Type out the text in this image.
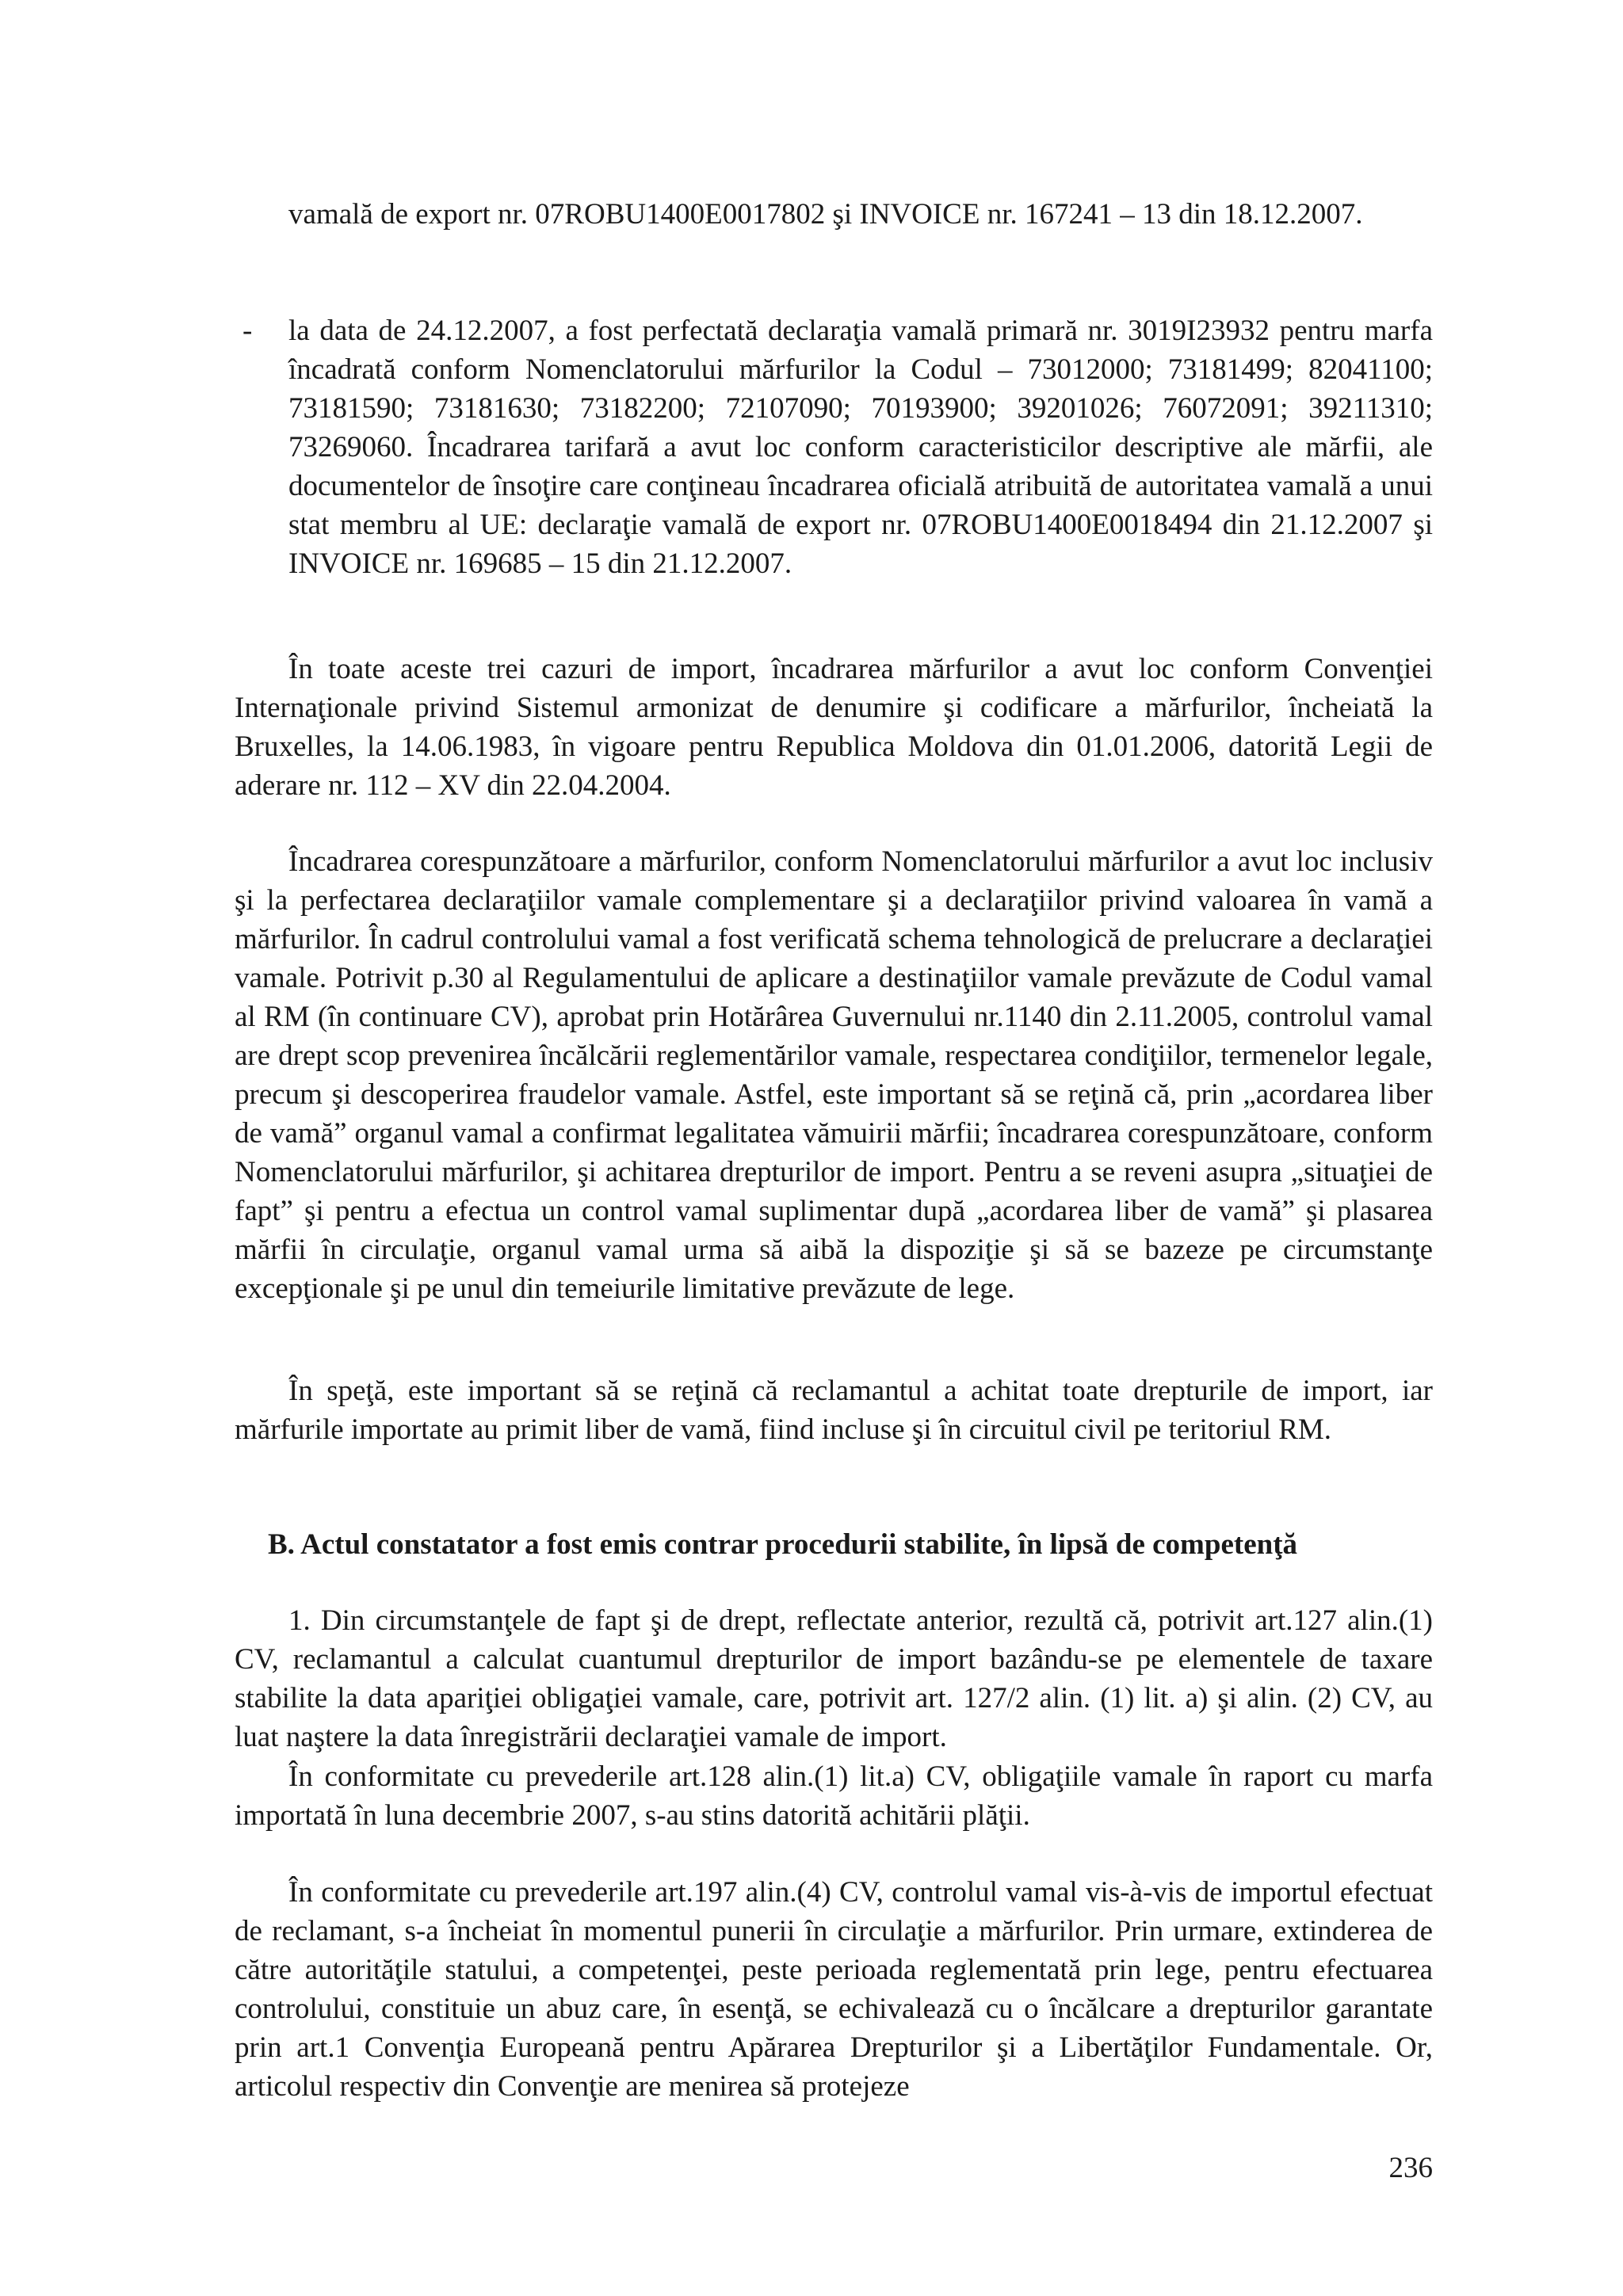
vamală de export nr. 07ROBU1400E0017802 şi INVOICE nr. 167241 – 13 din 18.12.2007.
- la data de 24.12.2007, a fost perfectată declaraţia vamală primară nr. 3019I23932 pentru marfa încadrată conform Nomenclatorului mărfurilor la Codul – 73012000; 73181499; 82041100; 73181590; 73181630; 73182200; 72107090; 70193900; 39201026; 76072091; 39211310; 73269060. Încadrarea tarifară a avut loc conform caracteristicilor descriptive ale mărfii, ale documentelor de însoţire care conţineau încadrarea oficială atribuită de autoritatea vamală a unui stat membru al UE: declaraţie vamală de export nr. 07ROBU1400E0018494 din 21.12.2007 şi INVOICE nr. 169685 – 15 din 21.12.2007.
În toate aceste trei cazuri de import, încadrarea mărfurilor a avut loc conform Convenţiei Internaţionale privind Sistemul armonizat de denumire şi codificare a mărfurilor, încheiată la Bruxelles, la 14.06.1983, în vigoare pentru Republica Moldova din 01.01.2006, datorită Legii de aderare nr. 112 – XV din 22.04.2004.
Încadrarea corespunzătoare a mărfurilor, conform Nomenclatorului mărfurilor a avut loc inclusiv şi la perfectarea declaraţiilor vamale complementare şi a declaraţiilor privind valoarea în vamă a mărfurilor. În cadrul controlului vamal a fost verificată schema tehnologică de prelucrare a declaraţiei vamale. Potrivit p.30 al Regulamentului de aplicare a destinaţiilor vamale prevăzute de Codul vamal al RM (în continuare CV), aprobat prin Hotărârea Guvernului nr.1140 din 2.11.2005, controlul vamal are drept scop prevenirea încălcării reglementărilor vamale, respectarea condiţiilor, termenelor legale, precum şi descoperirea fraudelor vamale. Astfel, este important să se reţină că, prin „acordarea liber de vamă” organul vamal a confirmat legalitatea vămuirii mărfii; încadrarea corespunzătoare, conform Nomenclatorului mărfurilor, şi achitarea drepturilor de import. Pentru a se reveni asupra „situaţiei de fapt” şi pentru a efectua un control vamal suplimentar după „acordarea liber de vamă” şi plasarea mărfii în circulaţie, organul vamal urma să aibă la dispoziţie şi să se bazeze pe circumstanţe excepţionale şi pe unul din temeiurile limitative prevăzute de lege.
În speţă, este important să se reţină că reclamantul a achitat toate drepturile de import, iar mărfurile importate au primit liber de vamă, fiind incluse şi în circuitul civil pe teritoriul RM.
B. Actul constatator a fost emis contrar procedurii stabilite, în lipsă de competenţă
1. Din circumstanţele de fapt şi de drept, reflectate anterior, rezultă că, potrivit art.127 alin.(1) CV, reclamantul a calculat cuantumul drepturilor de import bazându-se pe elementele de taxare stabilite la data apariţiei obligaţiei vamale, care, potrivit art. 127/2 alin. (1) lit. a) şi alin. (2) CV, au luat naştere la data înregistrării declaraţiei vamale de import.
În conformitate cu prevederile art.128 alin.(1) lit.a) CV, obligaţiile vamale în raport cu marfa importată în luna decembrie 2007, s-au stins datorită achitării plăţii.
În conformitate cu prevederile art.197 alin.(4) CV, controlul vamal vis-à-vis de importul efectuat de reclamant, s-a încheiat în momentul punerii în circulaţie a mărfurilor. Prin urmare, extinderea de către autorităţile statului, a competenţei, peste perioada reglementată prin lege, pentru efectuarea controlului, constituie un abuz care, în esenţă, se echivalează cu o încălcare a drepturilor garantate prin art.1 Convenţia Europeană pentru Apărarea Drepturilor şi a Libertăţilor Fundamentale. Or, articolul respectiv din Convenţie are menirea să protejeze
236
